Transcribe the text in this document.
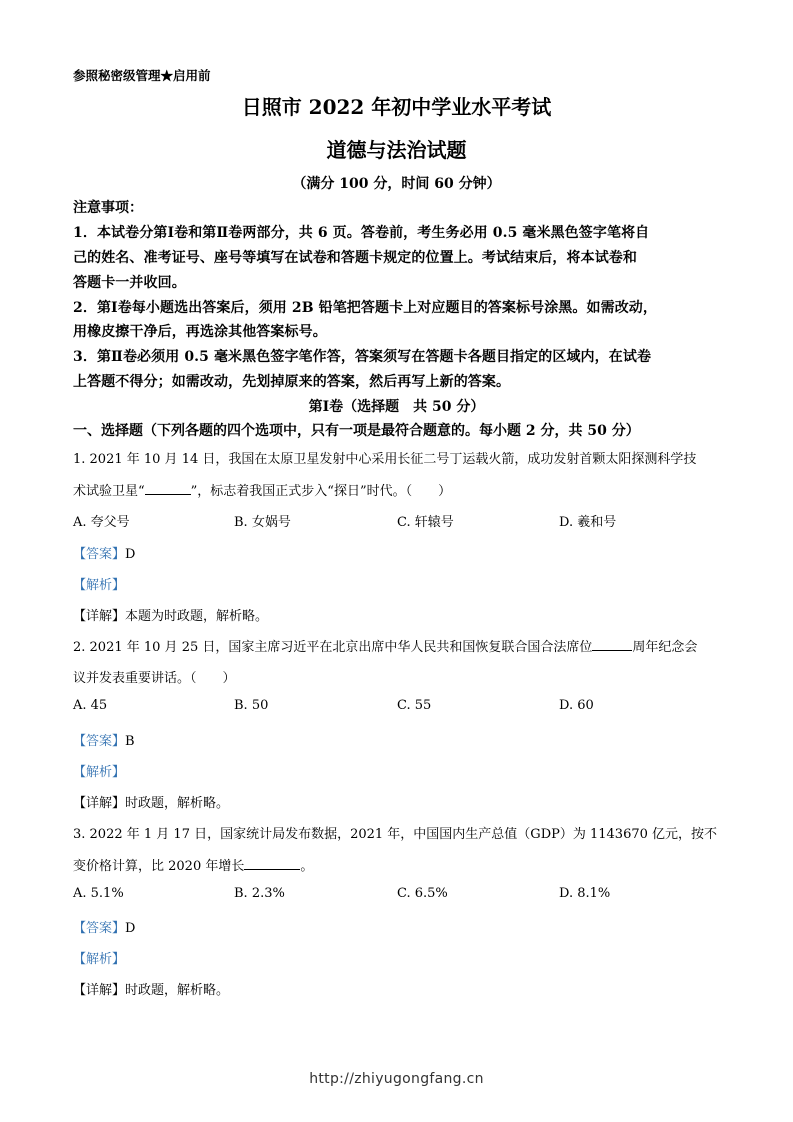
参照秘密级管理★启用前
日照市 2022 年初中学业水平考试
道德与法治试题
（满分 100 分，时间 60 分钟）
注意事项：
1．本试卷分第Ⅰ卷和第Ⅱ卷两部分，共 6 页。答卷前，考生务必用 0.5 毫米黑色签字笔将自
己的姓名、准考证号、座号等填写在试卷和答题卡规定的位置上。考试结束后，将本试卷和
答题卡一并收回。
2．第Ⅰ卷每小题选出答案后，须用 2B 铅笔把答题卡上对应题目的答案标号涂黑。如需改动，
用橡皮擦干净后，再选涂其他答案标号。
3．第Ⅱ卷必须用 0.5 毫米黑色签字笔作答，答案须写在答题卡各题目指定的区域内，在试卷
上答题不得分；如需改动，先划掉原来的答案，然后再写上新的答案。
第Ⅰ卷（选择题　共 50 分）
一、选择题（下列各题的四个选项中，只有一项是最符合题意的。每小题 2 分，共 50 分）
1. 2021 年 10 月 14 日，我国在太原卫星发射中心采用长征二号丁运载火箭，成功发射首颗太阳探测科学技
术试验卫星“	”，标志着我国正式步入“探日”时代。（　　）
A. 夸父号	B. 女娲号	C. 轩辕号	D. 羲和号
【答案】D
【解析】
【详解】本题为时政题，解析略。
2. 2021 年 10 月 25 日，国家主席习近平在北京出席中华人民共和国恢复联合国合法席位	周年纪念会
议并发表重要讲话。（　　）
A. 45	B. 50	C. 55	D. 60
【答案】B
【解析】
【详解】时政题，解析略。
3. 2022 年 1 月 17 日，国家统计局发布数据，2021 年，中国国内生产总值（GDP）为 1143670 亿元，按不
变价格计算，比 2020 年增长	。
A. 5.1%	B. 2.3%	C. 6.5%	D. 8.1%
【答案】D
【解析】
【详解】时政题，解析略。
http://zhiyugongfang.cn
